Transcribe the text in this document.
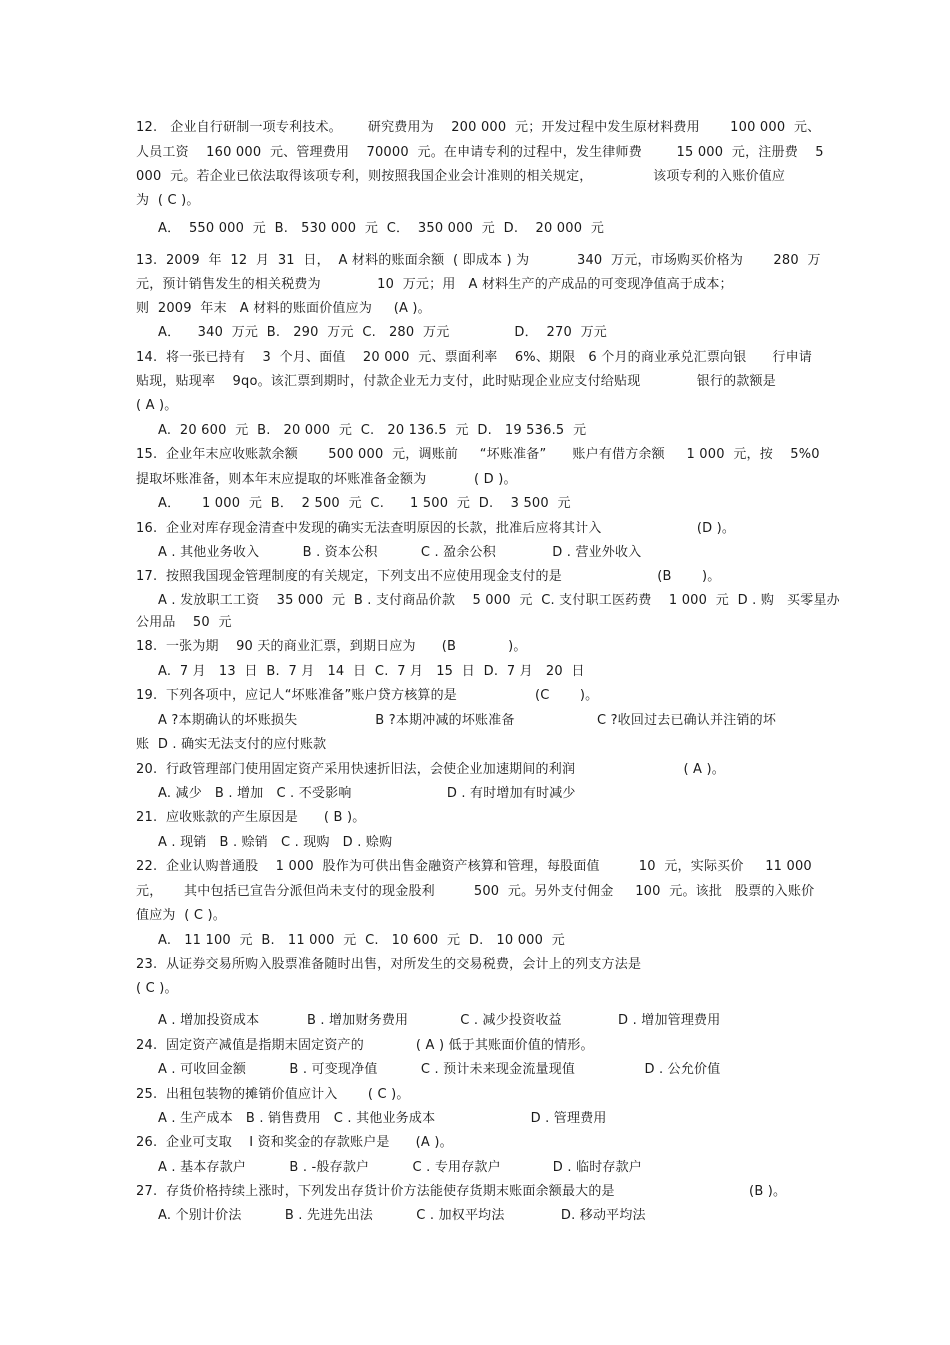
12.   企业自行研制一项专利技术。      研究费用为    200 000  元；开发过程中发生原材料费用       100 000  元、

人员工资    160 000  元、管理费用    70000  元。在申请专利的过程中，发生律师费        15 000  元，注册费    5

000  元。若企业已依法取得该项专利，则按照我国企业会计准则的相关规定，              该项专利的入账价值应

为  ( C )。

A．  550 000  元  B.   530 000  元  C．  350 000  元  D.    20 000  元

13.  2009  年  12  月  31  日，  A 材料的账面余额  ( 即成本 ) 为           340  万元，市场购买价格为       280  万

元，预计销售发生的相关税费为             10  万元；用   A 材料生产的产成品的可变现净值高于成本；

则  2009  年末   A 材料的账面价值应为     (A )。

A．    340  万元  B.   290  万元  C.   280  万元               D．  270  万元

14.  将一张已持有    3  个月、面值    20 000  元、票面利率    6%、期限   6 个月的商业承兑汇票向银      行申请

贴现，贴现率    9qo。该汇票到期时，付款企业无力支付，此时贴现企业应支付给贴现             银行的款额是

( A )。

A.  20 600  元  B.   20 000  元  C.   20 136.5  元  D.   19 536.5  元

15.  企业年末应收账款余额       500 000  元，调账前     “坏账准备”      账户有借方余额     1 000  元，按    5%0

提取坏账准备，则本年末应提取的坏账准备金额为           ( D )。

A．     1 000  元  B．  2 500  元  C.      1 500  元  D.    3 500  元

16.  企业对库存现金清查中发现的确实无法查明原因的长款，批准后应将其计入                      (D )。

A . 其他业务收入          B . 资本公积          C . 盈余公积             D . 营业外收入

17.  按照我国现金管理制度的有关规定，下列支出不应使用现金支付的是                      (B       )。

A . 发放职工工资    35 000  元  B . 支付商品价款    5 000  元  C. 支付职工医药费    1 000  元  D . 购   买零星办

公用品    50  元

18.  一张为期    90 天的商业汇票，到期日应为      (B            )。

A.  7 月   13  日  B.  7 月   14  日  C.  7 月   15  日  D.  7 月   20  日

19.  下列各项中，应记人“坏账准备”账户贷方核算的是                  (C       )。

A ?本期确认的坏账损失                  B ?本期冲减的坏账准备                   C ?收回过去已确认并注销的坏

账  D . 确实无法支付的应付账款

20.  行政管理部门使用固定资产采用快速折旧法，会使企业加速期间的利润                         ( A )。

A. 减少   B . 增加   C . 不受影响                      D . 有时增加有时减少

21.  应收账款的产生原因是      ( B )。

A . 现销   B . 赊销   C . 现购   D . 赊购

22.  企业认购普通股    1 000  股作为可供出售金融资产核算和管理，每股面值         10  元，实际买价     11 000

元，     其中包括已宣告分派但尚未支付的现金股利         500  元。另外支付佣金     100  元。该批   股票的入账价

值应为  ( C )。

A.   11 100  元  B.   11 000  元  C.   10 600  元  D.   10 000  元

23.  从证券交易所购入股票准备随时出售，对所发生的交易税费，会计上的列支方法是

( C )。

A . 增加投资成本           B . 增加财务费用            C . 减少投资收益             D . 增加管理费用

24.  固定资产减值是指期末固定资产的            ( A ) 低于其账面价值的情形。

A . 可收回金额          B . 可变现净值          C . 预计未来现金流量现值                D . 公允价值

25.  出租包装物的摊销价值应计入       ( C )。

A . 生产成本   B . 销售费用   C . 其他业务成本                      D . 管理费用

26.  企业可支取    I 资和奖金的存款账户是      (A )。

A . 基本存款户          B . -般存款户          C . 专用存款户            D . 临时存款户

27.  存货价格持续上涨时，下列发出存货计价方法能使存货期末账面余额最大的是                               (B )。

A. 个别计价法          B . 先进先出法          C . 加权平均法             D. 移动平均法
